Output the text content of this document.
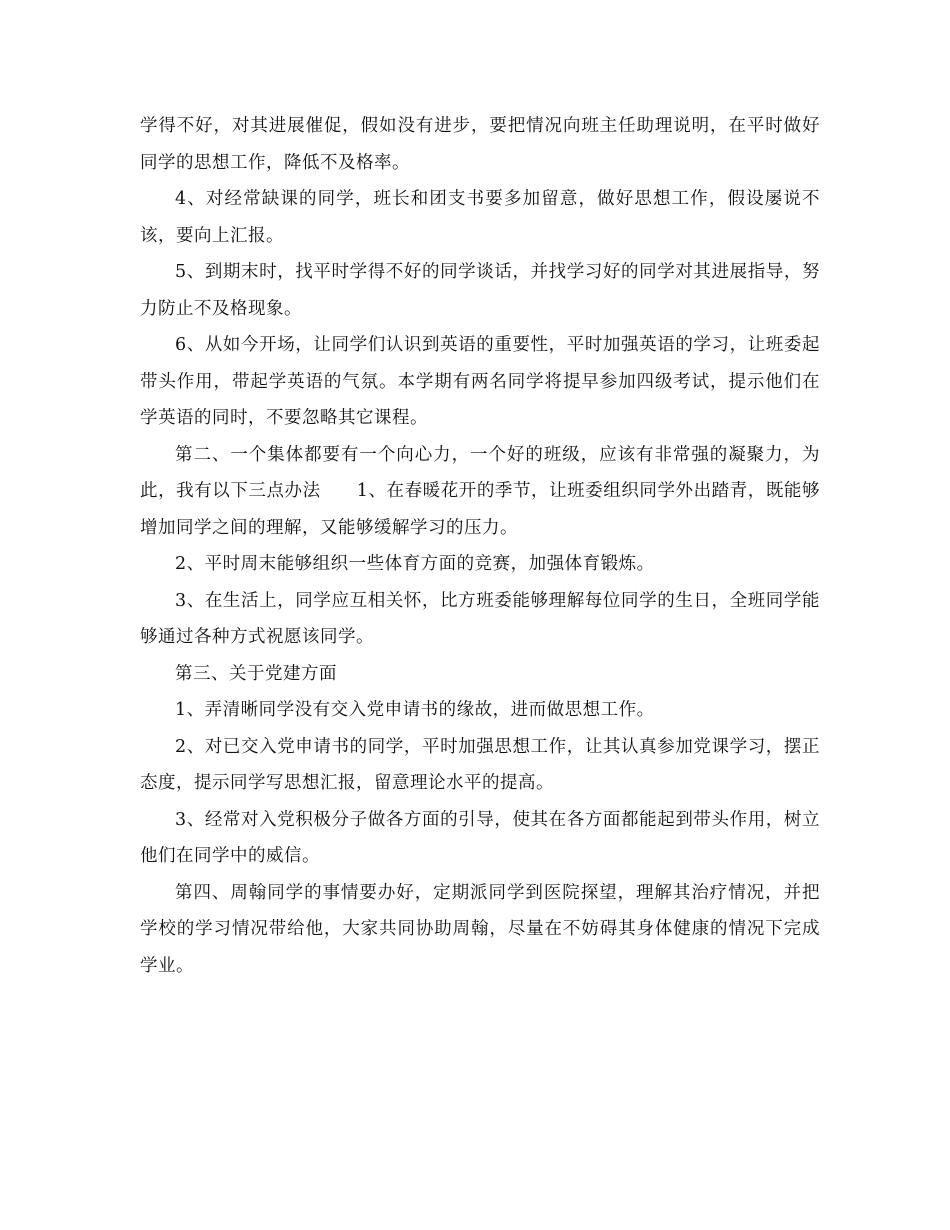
学得不好，对其进展催促，假如没有进步，要把情况向班主任助理说明，在平时做好同学的思想工作，降低不及格率。

4、对经常缺课的同学，班长和团支书要多加留意，做好思想工作，假设屡说不该，要向上汇报。

5、到期末时，找平时学得不好的同学谈话，并找学习好的同学对其进展指导，努力防止不及格现象。

6、从如今开场，让同学们认识到英语的重要性，平时加强英语的学习，让班委起带头作用，带起学英语的气氛。本学期有两名同学将提早参加四级考试，提示他们在学英语的同时，不要忽略其它课程。

第二、一个集体都要有一个向心力，一个好的班级，应该有非常强的凝聚力，为此，我有以下三点办法　　1、在春暖花开的季节，让班委组织同学外出踏青，既能够增加同学之间的理解，又能够缓解学习的压力。

2、平时周末能够组织一些体育方面的竞赛，加强体育锻炼。

3、在生活上，同学应互相关怀，比方班委能够理解每位同学的生日，全班同学能够通过各种方式祝愿该同学。

第三、关于党建方面

1、弄清晰同学没有交入党申请书的缘故，进而做思想工作。

2、对已交入党申请书的同学，平时加强思想工作，让其认真参加党课学习，摆正态度，提示同学写思想汇报，留意理论水平的提高。

3、经常对入党积极分子做各方面的引导，使其在各方面都能起到带头作用，树立他们在同学中的威信。

第四、周翰同学的事情要办好，定期派同学到医院探望，理解其治疗情况，并把学校的学习情况带给他，大家共同协助周翰，尽量在不妨碍其身体健康的情况下完成学业。
